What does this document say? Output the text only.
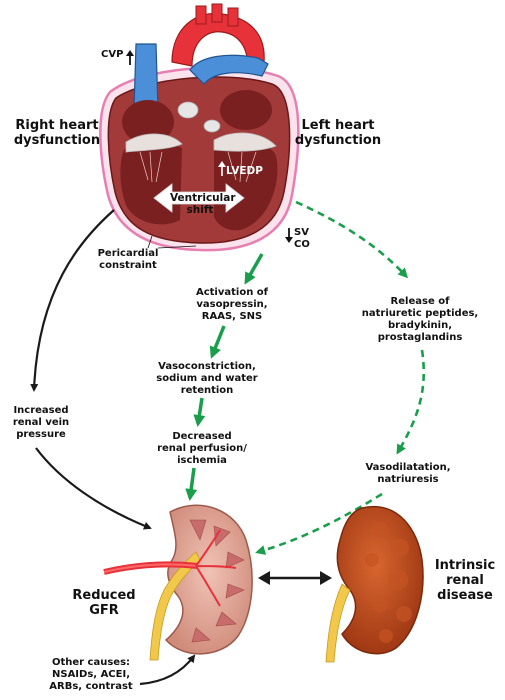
CVP
Right heart
dysfunction
Left heart
dysfunction
LVEDP
Ventricular
shift
SV
CO
Pericardial
constraint
Activation of
vasopressin,
RAAS, SNS
Release of
natriuretic peptides,
bradykinin,
prostaglandins
Vasoconstriction,
sodium and water
retention
Increased
renal vein
pressure	Decreased
renal perfusion/
ischemia
Vasodilatation,
natriuresis
Reduced
GFR
Intrinsic
renal
disease
Other causes:
NSAIDs, ACEI,
ARBs, contrast
